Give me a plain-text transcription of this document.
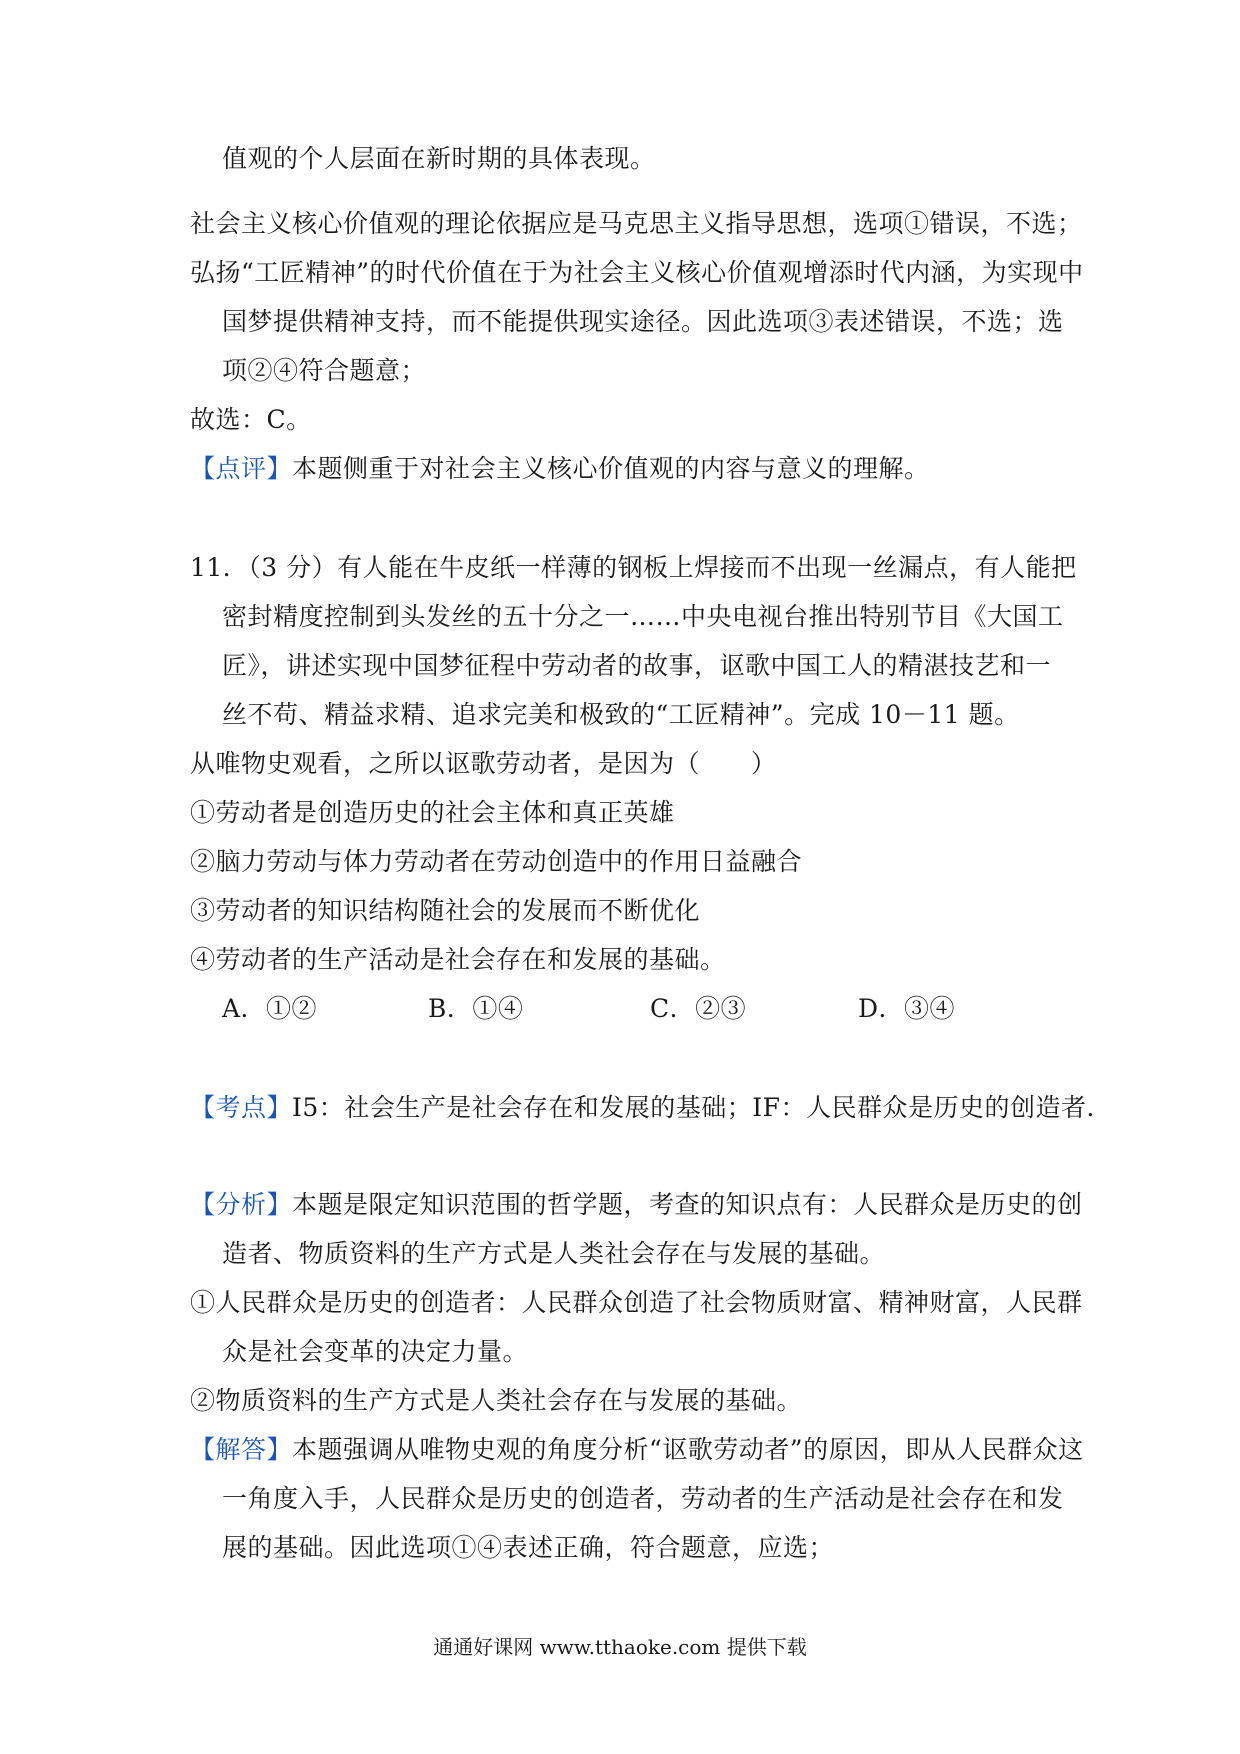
值观的个人层面在新时期的具体表现。
社会主义核心价值观的理论依据应是马克思主义指导思想，选项①错误，不选；
弘扬“工匠精神”的时代价值在于为社会主义核心价值观增添时代内涵，为实现中
国梦提供精神支持，而不能提供现实途径。因此选项③表述错误，不选；选
项②④符合题意；
故选：C。
【点评】本题侧重于对社会主义核心价值观的内容与意义的理解。
11．（3 分）有人能在牛皮纸一样薄的钢板上焊接而不出现一丝漏点，有人能把
密封精度控制到头发丝的五十分之一……中央电视台推出特别节目《大国工
匠》，讲述实现中国梦征程中劳动者的故事，讴歌中国工人的精湛技艺和一
丝不苟、精益求精、追求完美和极致的“工匠精神”。完成 10－11 题。
从唯物史观看，之所以讴歌劳动者，是因为（　　）
①劳动者是创造历史的社会主体和真正英雄
②脑力劳动与体力劳动者在劳动创造中的作用日益融合
③劳动者的知识结构随社会的发展而不断优化
④劳动者的生产活动是社会存在和发展的基础。
A．①②	B．①④	C．②③	D．③④
【考点】I5：社会生产是社会存在和发展的基础；IF：人民群众是历史的创造者．
【分析】本题是限定知识范围的哲学题，考查的知识点有：人民群众是历史的创
造者、物质资料的生产方式是人类社会存在与发展的基础。
①人民群众是历史的创造者：人民群众创造了社会物质财富、精神财富，人民群
众是社会变革的决定力量。
②物质资料的生产方式是人类社会存在与发展的基础。
【解答】本题强调从唯物史观的角度分析“讴歌劳动者”的原因，即从人民群众这
一角度入手，人民群众是历史的创造者，劳动者的生产活动是社会存在和发
展的基础。因此选项①④表述正确，符合题意，应选；
通通好课网 www.tthaoke.com 提供下载
